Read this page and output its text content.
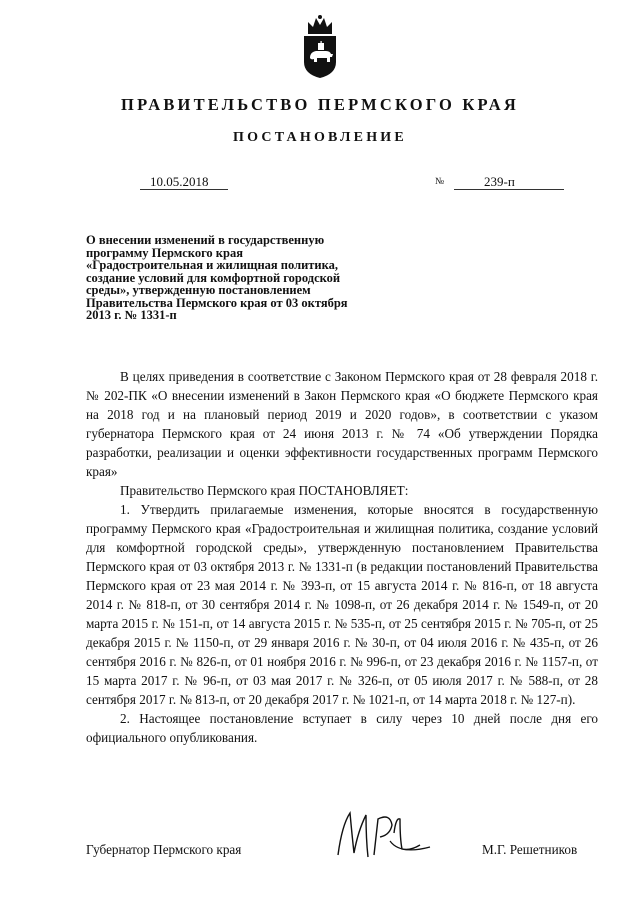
ПРАВИТЕЛЬСТВО ПЕРМСКОГО КРАЯ
ПОСТАНОВЛЕНИЕ
10.05.2018	№	239-п
О внесении изменений в государственную
программу Пермского края
«Градостроительная и жилищная политика,
создание условий для комфортной городской
среды», утвержденную постановлением
Правительства Пермского края от 03 октября
2013 г. № 1331-п

В целях приведения в соответствие с Законом Пермского края от 28 февраля 2018 г. № 202-ПК «О внесении изменений в Закон Пермского края «О бюджете Пермского края на 2018 год и на плановый период 2019 и 2020 годов», в соответствии с указом губернатора Пермского края от 24 июня 2013 г. № 74 «Об утверждении Порядка разработки, реализации и оценки эффективности государственных программ Пермского края»

Правительство Пермского края ПОСТАНОВЛЯЕТ:

1. Утвердить прилагаемые изменения, которые вносятся в государственную программу Пермского края «Градостроительная и жилищная политика, создание условий для комфортной городской среды», утвержденную постановлением Правительства Пермского края от 03 октября 2013 г. № 1331-п (в редакции постановлений Правительства Пермского края от 23 мая 2014 г. № 393-п, от 15 августа 2014 г. № 816-п, от 18 августа 2014 г. № 818-п, от 30 сентября 2014 г. № 1098-п, от 26 декабря 2014 г. № 1549-п, от 20 марта 2015 г. № 151-п, от 14 августа 2015 г. № 535-п, от 25 сентября 2015 г. № 705-п, от 25 декабря 2015 г. № 1150-п, от 29 января 2016 г. № 30-п, от 04 июля 2016 г. № 435-п, от 26 сентября 2016 г. № 826-п, от 01 ноября 2016 г. № 996-п, от 23 декабря 2016 г. № 1157-п, от 15 марта 2017 г. № 96-п, от 03 мая 2017 г. № 326-п, от 05 июля 2017 г. № 588-п, от 28 сентября 2017 г. № 813-п, от 20 декабря 2017 г. № 1021-п, от 14 марта 2018 г. № 127-п).

2. Настоящее постановление вступает в силу через 10 дней после дня его официального опубликования.

Губернатор Пермского края	М.Г. Решетников
